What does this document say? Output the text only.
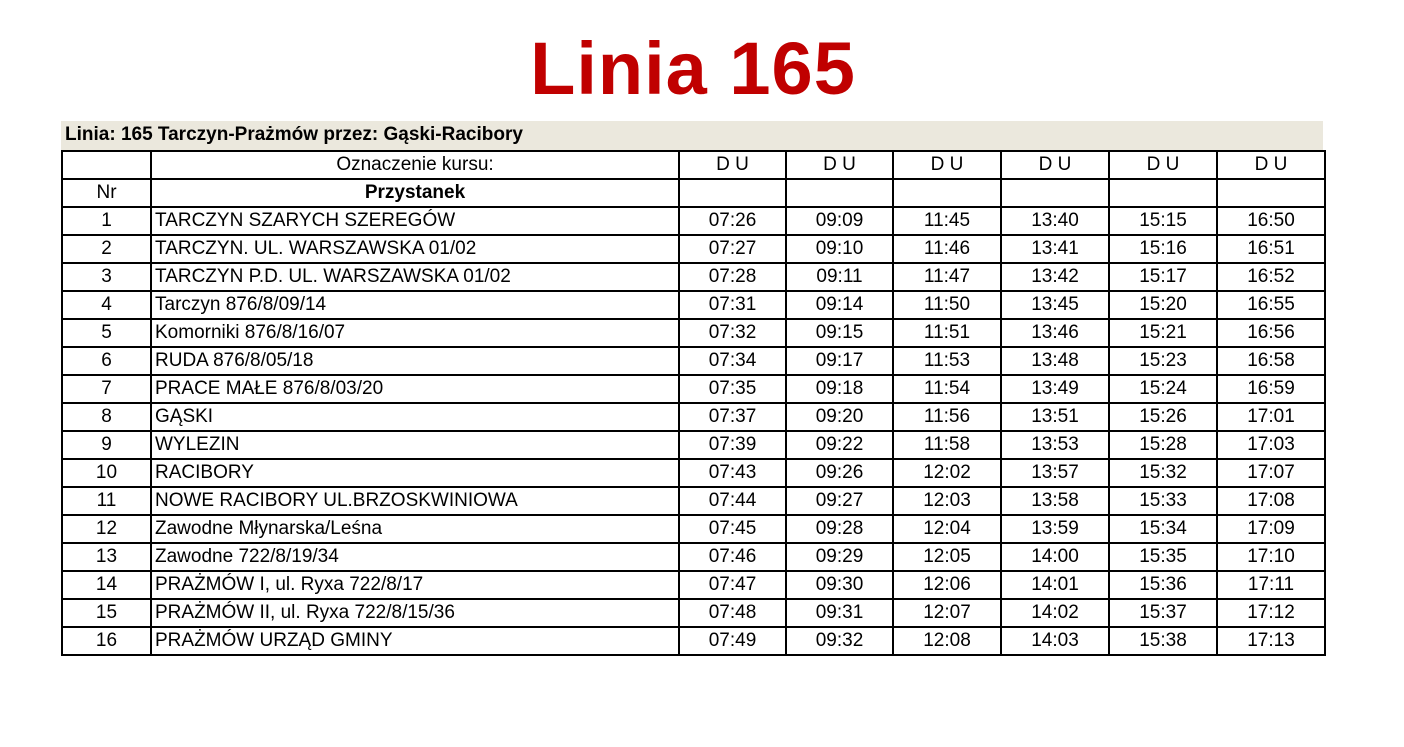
Linia 165
Linia: 165 Tarczyn-Prażmów przez: Gąski-Racibory
	Oznaczenie kursu:	D U	D U	D U	D U	D U	D U
Nr	Przystanek						
1	TARCZYN SZARYCH SZEREGÓW	07:26	09:09	11:45	13:40	15:15	16:50
2	TARCZYN. UL. WARSZAWSKA 01/02	07:27	09:10	11:46	13:41	15:16	16:51
3	TARCZYN P.D. UL. WARSZAWSKA 01/02	07:28	09:11	11:47	13:42	15:17	16:52
4	Tarczyn 876/8/09/14	07:31	09:14	11:50	13:45	15:20	16:55
5	Komorniki 876/8/16/07	07:32	09:15	11:51	13:46	15:21	16:56
6	RUDA 876/8/05/18	07:34	09:17	11:53	13:48	15:23	16:58
7	PRACE MAŁE 876/8/03/20	07:35	09:18	11:54	13:49	15:24	16:59
8	GĄSKI	07:37	09:20	11:56	13:51	15:26	17:01
9	WYLEZIN	07:39	09:22	11:58	13:53	15:28	17:03
10	RACIBORY	07:43	09:26	12:02	13:57	15:32	17:07
11	NOWE RACIBORY UL.BRZOSKWINIOWA	07:44	09:27	12:03	13:58	15:33	17:08
12	Zawodne Młynarska/Leśna	07:45	09:28	12:04	13:59	15:34	17:09
13	Zawodne 722/8/19/34	07:46	09:29	12:05	14:00	15:35	17:10
14	PRAŻMÓW I, ul. Ryxa 722/8/17	07:47	09:30	12:06	14:01	15:36	17:11
15	PRAŻMÓW II, ul. Ryxa 722/8/15/36	07:48	09:31	12:07	14:02	15:37	17:12
16	PRAŻMÓW URZĄD GMINY	07:49	09:32	12:08	14:03	15:38	17:13
